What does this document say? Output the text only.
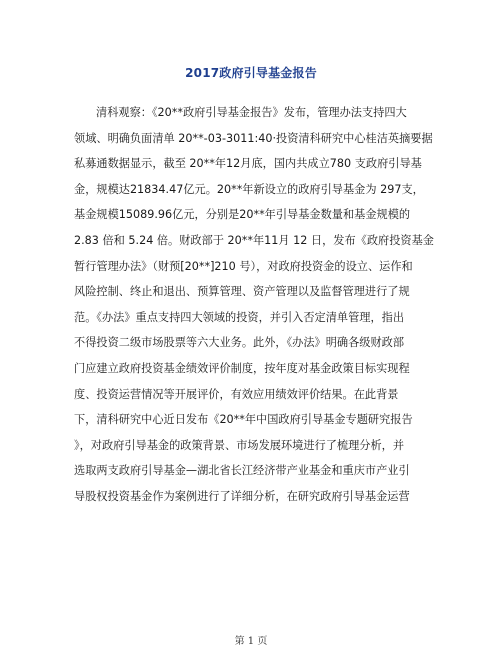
2017政府引导基金报告
清科观察：《20**政府引导基金报告》发布，管理办法支持四大
领域、明确负面清单 20**-03-3011:40·投资清科研究中心桂洁英摘要据
私募通数据显示，截至 20**年12月底，国内共成立780 支政府引导基
金，规模达21834.47亿元。20**年新设立的政府引导基金为 297支，
基金规模15089.96亿元，分别是20**年引导基金数量和基金规模的
2.83 倍和 5.24 倍。财政部于 20**年11月 12 日，发布《政府投资基金
暂行管理办法》（财预[20**]210 号），对政府投资金的设立、运作和
风险控制、终止和退出、预算管理、资产管理以及监督管理进行了规
范。《办法》重点支持四大领域的投资，并引入否定清单管理，指出
不得投资二级市场股票等六大业务。此外，《办法》明确各级财政部
门应建立政府投资基金绩效评价制度，按年度对基金政策目标实现程
度、投资运营情况等开展评价，有效应用绩效评价结果。在此背景
下，清科研究中心近日发布《20**年中国政府引导基金专题研究报告
》，对政府引导基金的政策背景、市场发展环境进行了梳理分析，并
选取两支政府引导基金—湖北省长江经济带产业基金和重庆市产业引
导股权投资基金作为案例进行了详细分析，在研究政府引导基金运营
第 1 页
